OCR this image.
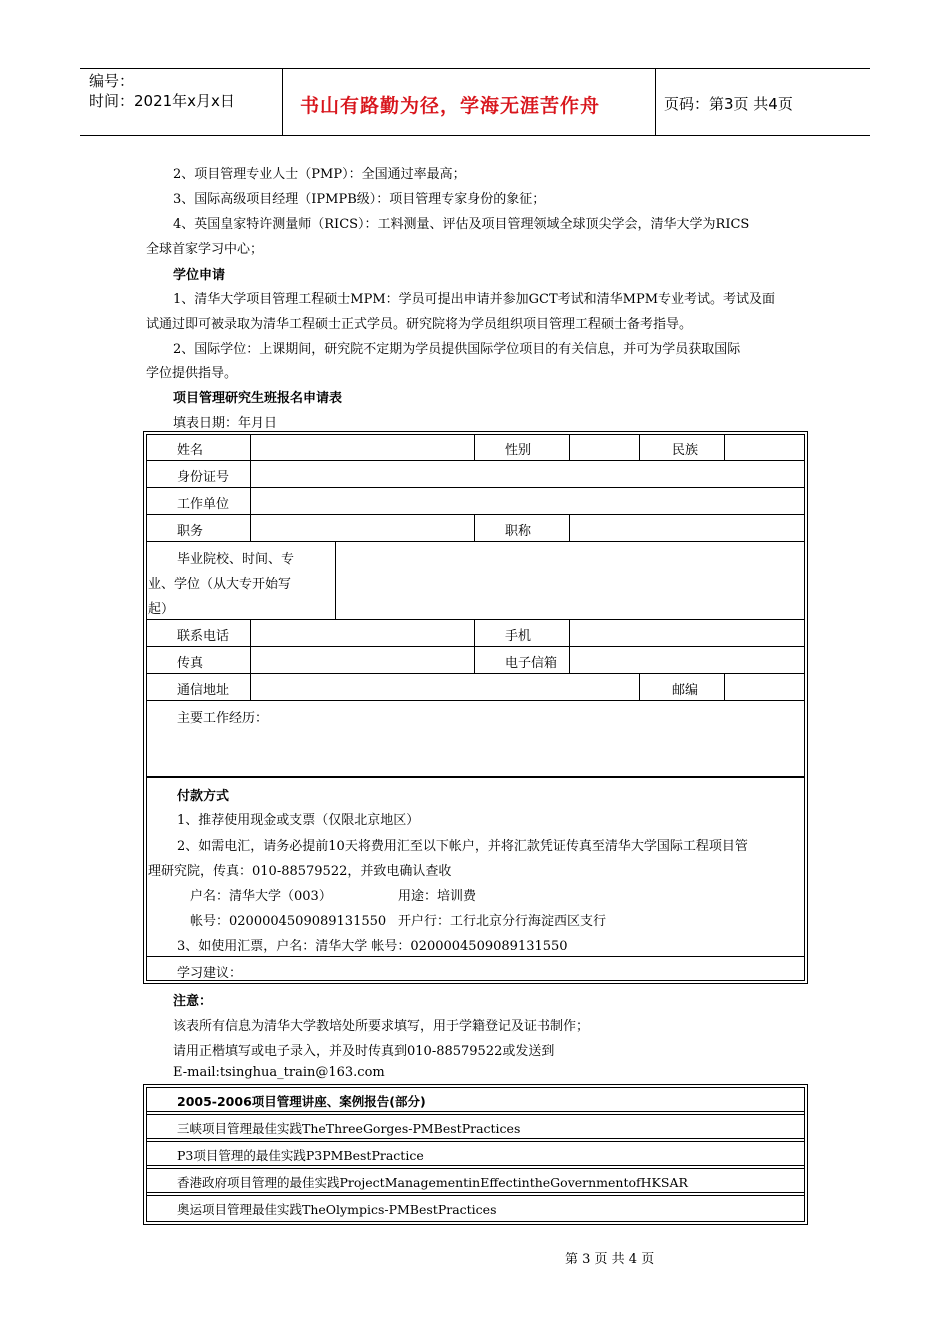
编号：
时间：2021年x月x日	书山有路勤为径，学海无涯苦作舟	页码：第3页 共4页
2、项目管理专业人士（PMP）：全国通过率最高；
3、国际高级项目经理（IPMPB级）：项目管理专家身份的象征；
4、英国皇家特许测量师（RICS）：工料测量、评估及项目管理领域全球顶尖学会，清华大学为RICS
全球首家学习中心；
学位申请
1、清华大学项目管理工程硕士MPM：学员可提出申请并参加GCT考试和清华MPM专业考试。考试及面
试通过即可被录取为清华工程硕士正式学员。研究院将为学员组织项目管理工程硕士备考指导。
2、国际学位：上课期间，研究院不定期为学员提供国际学位项目的有关信息，并可为学员获取国际
学位提供指导。
项目管理研究生班报名申请表
填表日期：年月日
姓名	性别	民族
身份证号
工作单位
职务	职称
毕业院校、时间、专
业、学位（从大专开始写
起）
联系电话	手机
传真	电子信箱
通信地址	邮编
主要工作经历：
付款方式
1、推荐使用现金或支票（仅限北京地区）
2、如需电汇，请务必提前10天将费用汇至以下帐户，并将汇款凭证传真至清华大学国际工程项目管
理研究院，传真：010-88579522，并致电确认查收
户名：清华大学（003）	用途：培训费
帐号：0200004509089131550 开户行：工行北京分行海淀西区支行
3、如使用汇票，户名：清华大学 帐号：0200004509089131550
学习建议：
注意：
该表所有信息为清华大学教培处所要求填写，用于学籍登记及证书制作；
请用正楷填写或电子录入，并及时传真到010-88579522或发送到
E-mail:tsinghua_train@163.com
2005-2006项目管理讲座、案例报告(部分)
三峡项目管理最佳实践TheThreeGorges-PMBestPractices
P3项目管理的最佳实践P3PMBestPractice
香港政府项目管理的最佳实践ProjectManagementinEffectintheGovernmentofHKSAR
奥运项目管理最佳实践TheOlympics-PMBestPractices
第 3 页 共 4 页
